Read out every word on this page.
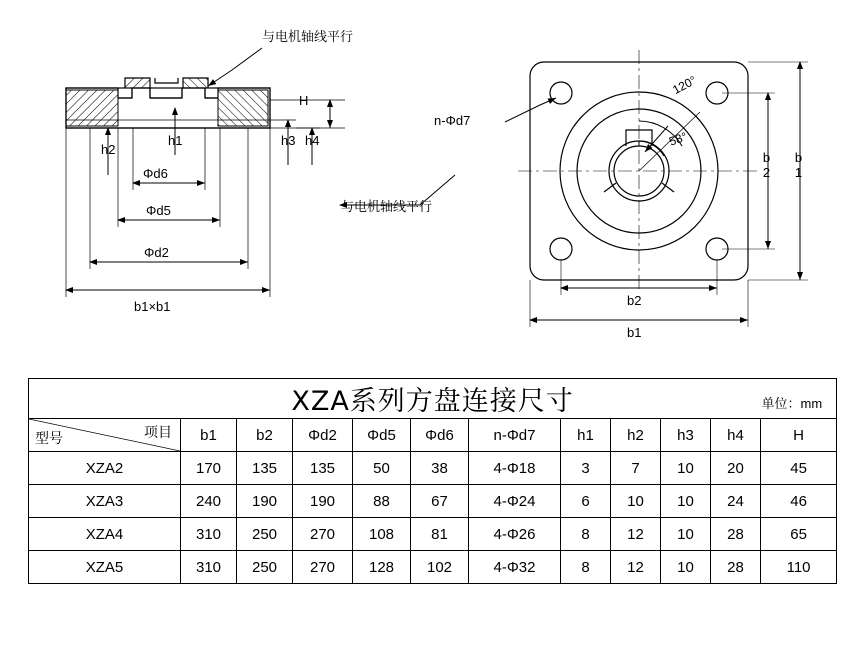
与电机轴线平行
与电机轴线平行
H
h3 h4
h2
h1
Φd6
Φd5
Φd2
b1×b1
n-Φd7
120°
58°
b2 b1
b2
b1
XZA系列方盘连接尺寸 单位：mm											

项目
型号	b1	b2	Φd2	Φd5	Φd6	n-Φd7	h1	h2	h3	h4	H
XZA2	170	135	135	50	38	4-Φ18	3	7	10	20	45
XZA3	240	190	190	88	67	4-Φ24	6	10	10	24	46
XZA4	310	250	270	108	81	4-Φ26	8	12	10	28	65
XZA5	310	250	270	128	102	4-Φ32	8	12	10	28	110
